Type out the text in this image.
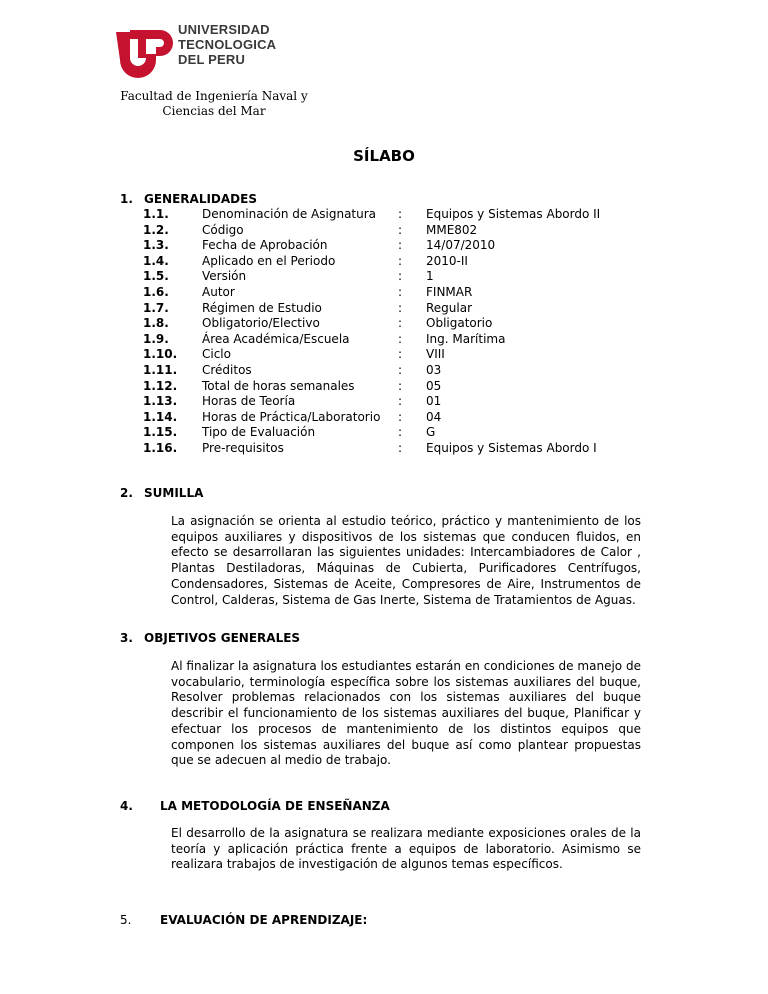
UNIVERSIDAD
TECNOLOGICA
DEL PERU
Facultad de Ingeniería Naval y
Ciencias del Mar
SÍLABO
1. GENERALIDADES
1.1.	Denominación de Asignatura	:	Equipos y Sistemas Abordo II
1.2.	Código	:	MME802
1.3.	Fecha de Aprobación	:	14/07/2010
1.4.	Aplicado en el Periodo	:	2010-II
1.5.	Versión	:	1
1.6.	Autor	:	FINMAR
1.7.	Régimen de Estudio	:	Regular
1.8.	Obligatorio/Electivo	:	Obligatorio
1.9.	Área Académica/Escuela	:	Ing. Marítima
1.10.	Ciclo	:	VIII
1.11.	Créditos	:	03
1.12.	Total de horas semanales	:	05
1.13.	Horas de Teoría	:	01
1.14.	Horas de Práctica/Laboratorio	:	04
1.15.	Tipo de Evaluación	:	G
1.16.	Pre-requisitos	:	Equipos y Sistemas Abordo I
2. SUMILLA
La asignación se orienta al estudio teórico, práctico y mantenimiento de los equipos auxiliares y dispositivos de los sistemas que conducen fluidos, en efecto se desarrollaran las siguientes unidades: Intercambiadores de Calor , Plantas Destiladoras, Máquinas de Cubierta, Purificadores Centrífugos, Condensadores, Sistemas de Aceite, Compresores de Aire, Instrumentos de Control, Calderas, Sistema de Gas Inerte, Sistema de Tratamientos de Aguas.
3. OBJETIVOS GENERALES
Al finalizar la asignatura los estudiantes estarán en condiciones de manejo de vocabulario, terminología específica sobre los sistemas auxiliares del buque, Resolver problemas relacionados con los sistemas auxiliares del buque describir el funcionamiento de los sistemas auxiliares del buque, Planificar y efectuar los procesos de mantenimiento de los distintos equipos que componen los sistemas auxiliares del buque así como plantear propuestas que se adecuen al medio de trabajo.
4. LA METODOLOGÍA DE ENSEÑANZA
El desarrollo de la asignatura se realizara mediante exposiciones orales de la teoría y aplicación práctica frente a equipos de laboratorio. Asimismo se realizara trabajos de investigación de algunos temas específicos.
5. EVALUACIÓN DE APRENDIZAJE:
